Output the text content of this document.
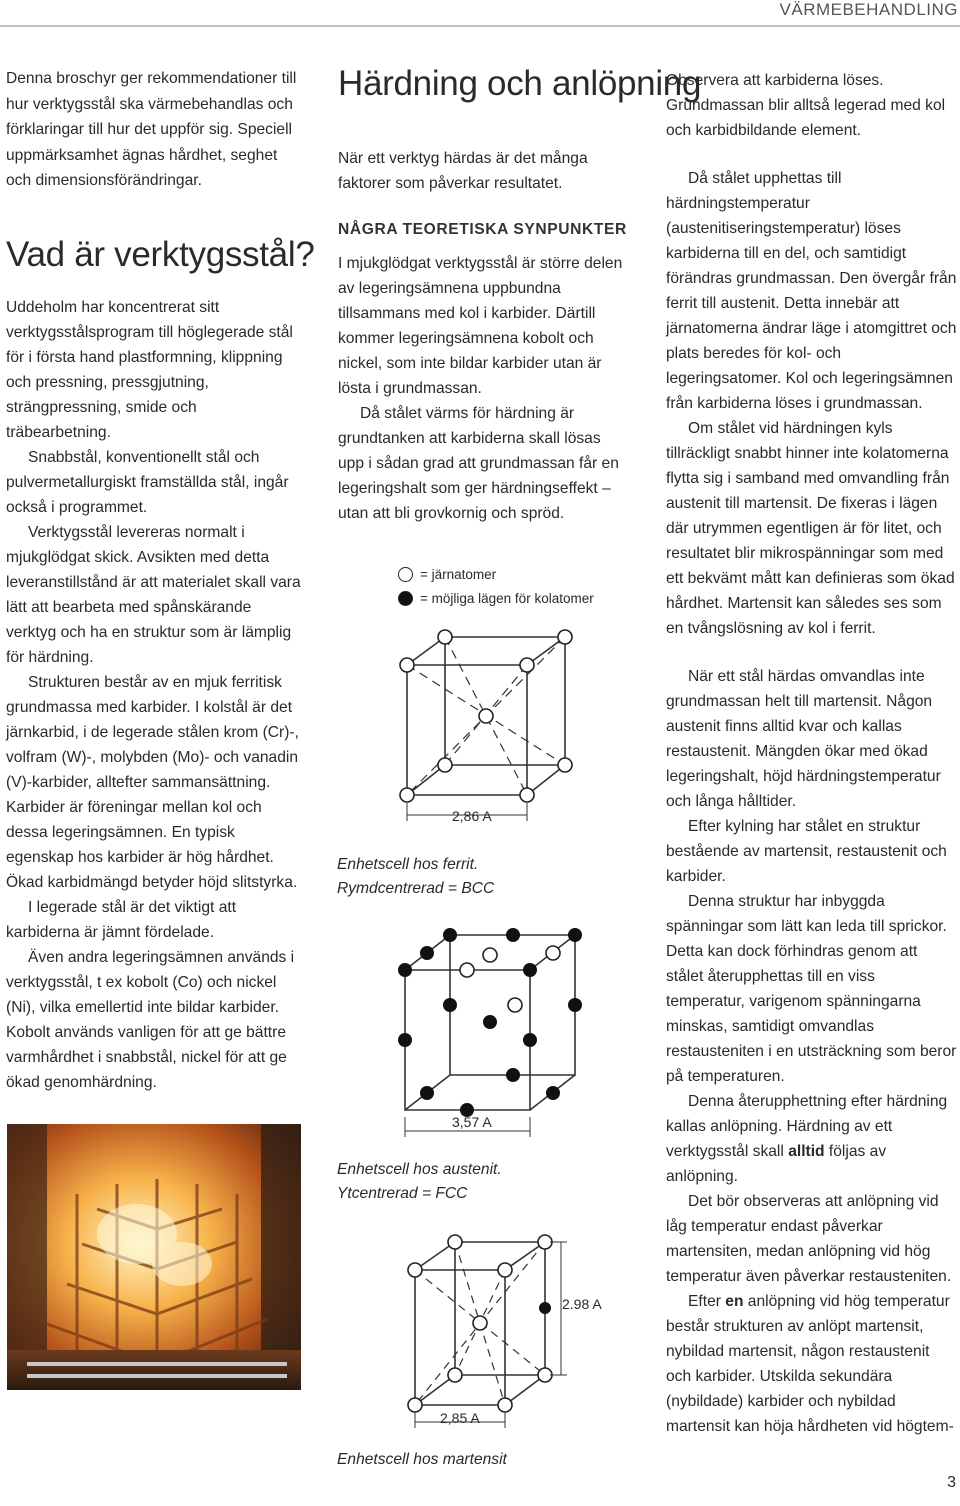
VÄRMEBEHANDLING
Denna broschyr ger rekommendationer till hur verktygsstål ska värmebehandlas och förklaringar till hur det uppför sig. Speciell uppmärksamhet ägnas hårdhet, seghet och dimensionsförändringar.
Vad är verktygsstål?

Uddeholm har koncentrerat sitt verktygsstålsprogram till höglegerade stål för i första hand plastformning, klippning och pressning, pressgjutning, strängpressning, smide och träbearbetning.

Snabbstål, konventionellt stål och pulvermetallurgiskt framställda stål, ingår också i programmet.

Verktygsstål levereras normalt i mjukglödgat skick. Avsikten med detta leveranstillstånd är att materialet skall vara lätt att bearbeta med spånskärande verktyg och ha en struktur som är lämplig för härdning.

Strukturen består av en mjuk ferritisk grundmassa med karbider. I kolstål är det järnkarbid, i de legerade stålen krom (Cr)-, volfram (W)-, molybden (Mo)- och vanadin (V)-karbider, alltefter sammansättning. Karbider är föreningar mellan kol och dessa legeringsämnen. En typisk egenskap hos karbider är hög hårdhet. Ökad karbidmängd betyder höjd slitstyrka.

I legerade stål är det viktigt att karbiderna är jämnt fördelade.

Även andra legeringsämnen används i verktygsstål, t ex kobolt (Co) och nickel (Ni), vilka emellertid inte bildar karbider. Kobolt används vanligen för att ge bättre varmhårdhet i snabbstål, nickel för att ge ökad genomhärdning.

Härdning och anlöpning
När ett verktyg härdas är det många faktorer som påverkar resultatet.
NÅGRA TEORETISKA SYNPUNKTER

I mjukglödgat verktygsstål är större delen av legeringsämnena uppbundna tillsammans med kol i karbider. Därtill kommer legeringsämnena kobolt och nickel, som inte bildar karbider utan är lösta i grundmassan.

Då stålet värms för härdning är grundtanken att karbiderna skall lösas upp i sådan grad att grundmassan får en legeringshalt som ger härdningseffekt – utan att bli grovkornig och spröd.

= järnatomer
= möjliga lägen för kolatomer
2,86 A
Enhetscell hos ferrit.
Rymdcentrerad = BCC
3,57 A
Enhetscell hos austenit.
Ytcentrerad = FCC
2.98 A
2,85 A
Enhetscell hos martensit

Observera att karbiderna löses. Grundmassan blir alltså legerad med kol och karbidbildande element.

Då stålet upphettas till härdningstemperatur (austenitiseringstemperatur) löses karbiderna till en del, och samtidigt förändras grundmassan. Den övergår från ferrit till austenit. Detta innebär att järnatomerna ändrar läge i atomgittret och plats beredes för kol- och legeringsatomer. Kol och legeringsämnen från karbiderna löses i grundmassan.

Om stålet vid härdningen kyls tillräckligt snabbt hinner inte kolatomerna flytta sig i samband med omvandling från austenit till martensit. De fixeras i lägen där utrymmen egentligen är för litet, och resultatet blir mikrospänningar som med ett bekvämt mått kan definieras som ökad hårdhet. Martensit kan således ses som en tvångslösning av kol i ferrit.

När ett stål härdas omvandlas inte grundmassan helt till martensit. Någon austenit finns alltid kvar och kallas restaustenit. Mängden ökar med ökad legeringshalt, höjd härdningstemperatur och långa hålltider.

Efter kylning har stålet en struktur bestående av martensit, restaustenit och karbider.

Denna struktur har inbyggda spänningar som lätt kan leda till sprickor. Detta kan dock förhindras genom att stålet återupphettas till en viss temperatur, varigenom spänningarna minskas, samtidigt omvandlas restausteniten i en utsträckning som beror på temperaturen.

Denna återupphettning efter härdning kallas anlöpning. Härdning av ett verktygsstål skall alltid följas av anlöpning.

Det bör observeras att anlöpning vid låg temperatur endast påverkar martensiten, medan anlöpning vid hög temperatur även påverkar restausteniten.

Efter en anlöpning vid hög temperatur består strukturen av anlöpt martensit, nybildad martensit, någon restaustenit och karbider. Utskilda sekundära (nybildade) karbider och nybildad martensit kan höja hårdheten vid högtem-

3
